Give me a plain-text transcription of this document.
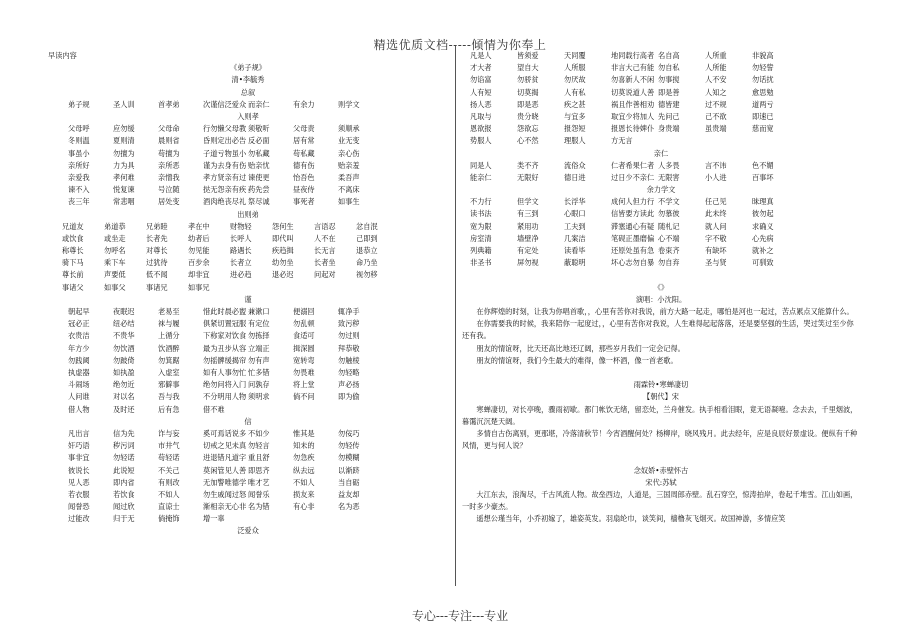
精选优质文档-----倾情为你奉上
早读内容
《弟子规》
清•李毓秀
总叙
弟子规	圣人训	首孝弟	次谨信泛爱众 而亲仁	有余力	则学文
入则孝
父母呼	应勿缓	父母命	行勿懒父母教 须敬听	父母责	须顺承
冬则温	夏则清	晨则省	昏则定出必告 反必面	居有常	业无变
事虽小	勿擅为	苟擅为	子道亏物虽小 勿私藏	苟私藏	亲心伤
亲所好	力为具	亲所恶	谨为去身有伤 贻亲忧	德有伤	贻亲羞
亲爱我	孝何难	亲憎我	孝方贤亲有过 谏使更	怡吾色	柔吾声
谏不入	悦复谏	号泣随	挞无怨亲有疾 药先尝	昼夜侍	不离床
丧三年	常悲咽	居处变	酒肉绝丧尽礼 祭尽诚	事死者	如事生
出则弟
兄道友	弟道恭	兄弟睦	孝在中	财物轻	怨何生	言语忍	忿自泯
或饮食	或坐走	长者先	幼者后	长呼人	即代叫	人不在	己即到
称尊长	勿呼名	对尊长	勿见能	路遇长	疾趋揖	长无言	退恭立
骑下马	乘下车	过犹待	百步余	长者立	幼勿坐	长者坐	命乃坐
尊长前	声要低	低不闻	却非宜	进必趋	退必迟	问起对	视勿移
事诸父	如事父	事诸兄	如事兄
谨
朝起早	夜眠迟	老易至	惜此时晨必盥 兼漱口	便溺回	辄净手
冠必正	纽必结	袜与履	俱紧切置冠服 有定位	勿乱顿	致污秽
衣贵洁	不贵华	上循分	下称家对饮食 勿拣择	食适可	勿过则
年方少	勿饮酒	饮酒醉	最为丑步从容 立端正	揖深圆	拜恭敬
勿践阈	勿跛倚	勿箕踞	勿摇髀缓揭帘 勿有声	宽转弯	勿触棱
执虚器	如执盈	入虚室	如有人事勿忙 忙多错	勿畏难	勿轻略
斗闹场	绝勿近	邪僻事	绝勿问将入门 问孰存	将上堂	声必扬
人问谁	对以名	吾与我	不分明用人物 须明求	倘不问	即为偷
借人物	及时还	后有急	借不难
信
凡出言	信为先	诈与妄	奚可焉话说多 不如少	惟其是	勿佞巧
奸巧语	秽污词	市井气	切戒之见未真 勿轻言	知未的	勿轻传
事非宜	勿轻诺	苟轻诺	进退错凡道字 重且舒	勿急疾	勿模糊
彼说长	此说短	不关己	莫闲管见人善 即思齐	纵去远	以渐跻
见人恶	即内省	有则改	无加警唯德学 唯才艺	不如人	当自砺
若衣服	若饮食	不如人	勿生戚闻过怒 闻誉乐	损友来	益友却
闻誉恐	闻过欣	直谅士	渐相亲无心非 名为错	有心非	名为恶
过能改	归于无	倘掩饰	增一辜
泛爱众
凡是人	皆须爱	天同覆	地同载行高者 名自高	人所重	非貌高
才大者	望自大	人所服	非言大己有能 勿自私	人所能	勿轻訾
勿谄富	勿骄贫	勿厌故	勿喜新人不闲 勿事搅	人不安	勿话扰
人有短	切莫揭	人有私	切莫说道人善 即是善	人知之	愈思勉
扬人恶	即是恶	疾之甚	祸且作善相劝 德皆建	过不规	道两亏
凡取与	贵分晓	与宜多	取宜少将加人 先问己	己不欲	即速已
恩欲报	怨欲忘	报怨短	报恩长待婢仆 身贵端	虽贵端	慈而宽
势服人	心不然	理服人	方无言
亲仁
同是人	类不齐	流俗众	仁者希果仁者 人多畏	言不讳	色不媚
能亲仁	无限好	德日进	过日少不亲仁 无限害	小人进	百事坏
余力学文
不力行	但学文	长浮华	成何人但力行 不学文	任己见	昧理真
读书法	有三到	心眼口	信皆要方读此 勿慕彼	此未终	彼勿起
宽为限	紧用功	工夫到	滞塞通心有疑 随札记	就人问	求确义
房室清	墙壁净	几案洁	笔砚正墨磨偏 心不端	字不敬	心先病
列典籍	有定处	读看毕	还原处虽有急 卷束齐	有缺坏	就补之
非圣书	屏勿视	蔽聪明	坏心志勿自暴 勿自弃	圣与贤	可驯致
《》
演唱：小沈阳。

在你辉煌的时刻，让我为你唱首歌，，心里有苦你对我说，前方大路一起走，哪怕是河也一起过，苦点累点又能算什么。

在你需要我的时候，我来陪你一起度过，，心里有苦你对我说，人生难得起起落落，还是要坚强的生活，哭过笑过至少你还有我。

朋友的情谊呀，比天还高比地还辽阔，那些岁月我们一定会记得。

朋友的情谊呀，我们今生最大的难得，像一杯酒，像一首老歌。

雨霖铃•寒蝉凄切
【朝代】宋

寒蝉凄切，对长亭晚，骤雨初歇。都门帐饮无绪，留恋处，兰舟催发。执手相看泪眼，竟无语凝噎。念去去，千里烟波，暮霭沉沉楚天阔。

多情自古伤离别，更那堪，冷落清秋节！今宵酒醒何处？杨柳岸，晓风残月。此去经年，应是良辰好景虚设。便纵有千种风情，更与何人说？

念奴娇•赤壁怀古
宋代:苏轼

大江东去，浪淘尽，千古风流人物。故垒西边，人道是，三国周郎赤壁。乱石穿空，惊涛拍岸，卷起千堆雪。江山如画，一时多少豪杰。

遥想公瑾当年，小乔初嫁了，雄姿英发。羽扇纶巾，谈笑间，樯橹灰飞烟灭。故国神游，多情应笑

专心---专注---专业
